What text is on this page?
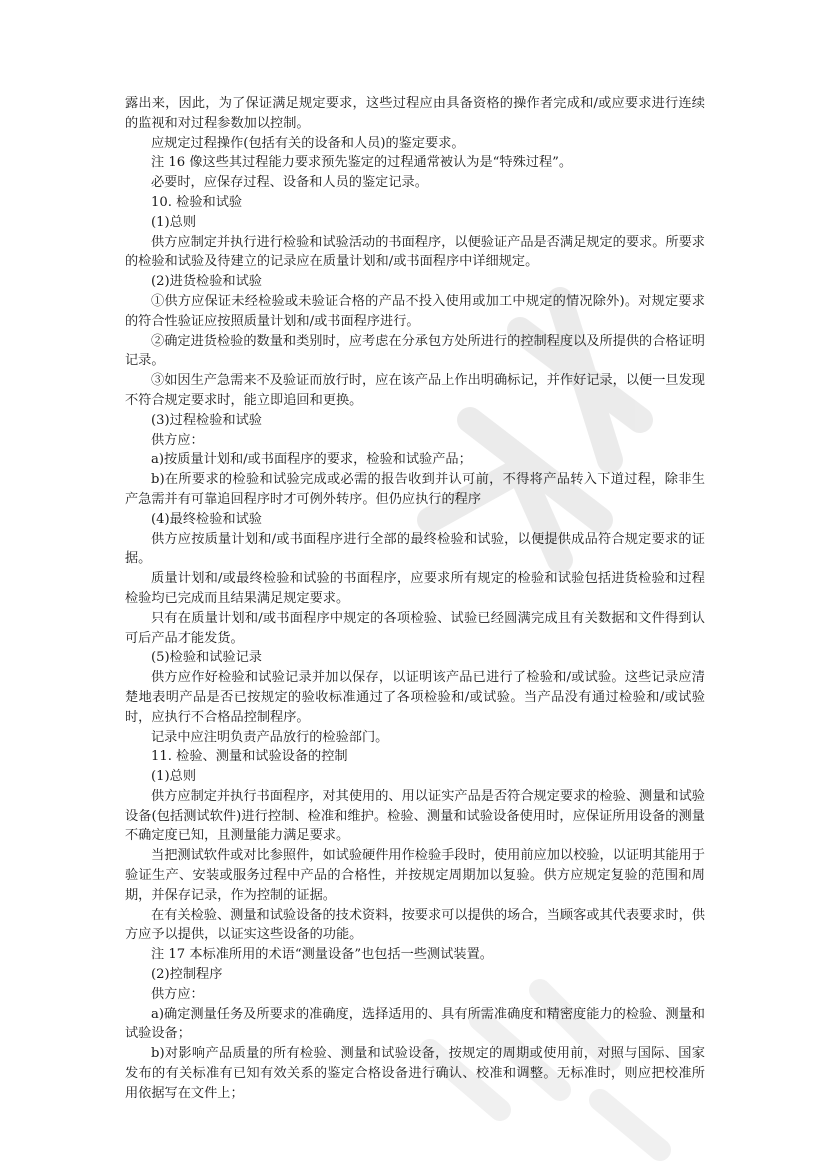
露出来，因此，为了保证满足规定要求，这些过程应由具备资格的操作者完成和/或应要求进行连续的监视和对过程参数加以控制。

应规定过程操作(包括有关的设备和人员)的鉴定要求。

注 16 像这些其过程能力要求预先鉴定的过程通常被认为是“特殊过程”。

必要时，应保存过程、设备和人员的鉴定记录。

10. 检验和试验

(1)总则

供方应制定并执行进行检验和试验活动的书面程序，以便验证产品是否满足规定的要求。所要求的检验和试验及待建立的记录应在质量计划和/或书面程序中详细规定。

(2)进货检验和试验

①供方应保证未经检验或未验证合格的产品不投入使用或加工中规定的情况除外)。对规定要求的符合性验证应按照质量计划和/或书面程序进行。

②确定进货检验的数量和类别时，应考虑在分承包方处所进行的控制程度以及所提供的合格证明记录。

③如因生产急需来不及验证而放行时，应在该产品上作出明确标记，并作好记录，以便一旦发现不符合规定要求时，能立即追回和更换。

(3)过程检验和试验

供方应：

a)按质量计划和/或书面程序的要求，检验和试验产品；

b)在所要求的检验和试验完成或必需的报告收到并认可前，不得将产品转入下道过程，除非生产急需并有可靠追回程序时才可例外转序。但仍应执行的程序

(4)最终检验和试验

供方应按质量计划和/或书面程序进行全部的最终检验和试验，以便提供成品符合规定要求的证据。

质量计划和/或最终检验和试验的书面程序，应要求所有规定的检验和试验包括进货检验和过程检验均已完成而且结果满足规定要求。

只有在质量计划和/或书面程序中规定的各项检验、试验已经圆满完成且有关数据和文件得到认可后产品才能发货。

(5)检验和试验记录

供方应作好检验和试验记录并加以保存，以证明该产品已进行了检验和/或试验。这些记录应清楚地表明产品是否已按规定的验收标准通过了各项检验和/或试验。当产品没有通过检验和/或试验时，应执行不合格品控制程序。

记录中应注明负责产品放行的检验部门。

11. 检验、测量和试验设备的控制

(1)总则

供方应制定并执行书面程序，对其使用的、用以证实产品是否符合规定要求的检验、测量和试验设备(包括测试软件)进行控制、检准和维护。检验、测量和试验设备使用时，应保证所用设备的测量不确定度已知，且测量能力满足要求。

当把测试软件或对比参照件，如试验硬件用作检验手段时，使用前应加以校验，以证明其能用于验证生产、安装或服务过程中产品的合格性，并按规定周期加以复验。供方应规定复验的范围和周期，并保存记录，作为控制的证据。

在有关检验、测量和试验设备的技术资料，按要求可以提供的场合，当顾客或其代表要求时，供方应予以提供，以证实这些设备的功能。

注 17 本标准所用的术语“测量设备”也包括一些测试装置。

(2)控制程序

供方应：

a)确定测量任务及所要求的准确度，选择适用的、具有所需准确度和精密度能力的检验、测量和试验设备；

b)对影响产品质量的所有检验、测量和试验设备，按规定的周期或使用前，对照与国际、国家发布的有关标准有已知有效关系的鉴定合格设备进行确认、校准和调整。无标准时，则应把校准所用依据写在文件上；
